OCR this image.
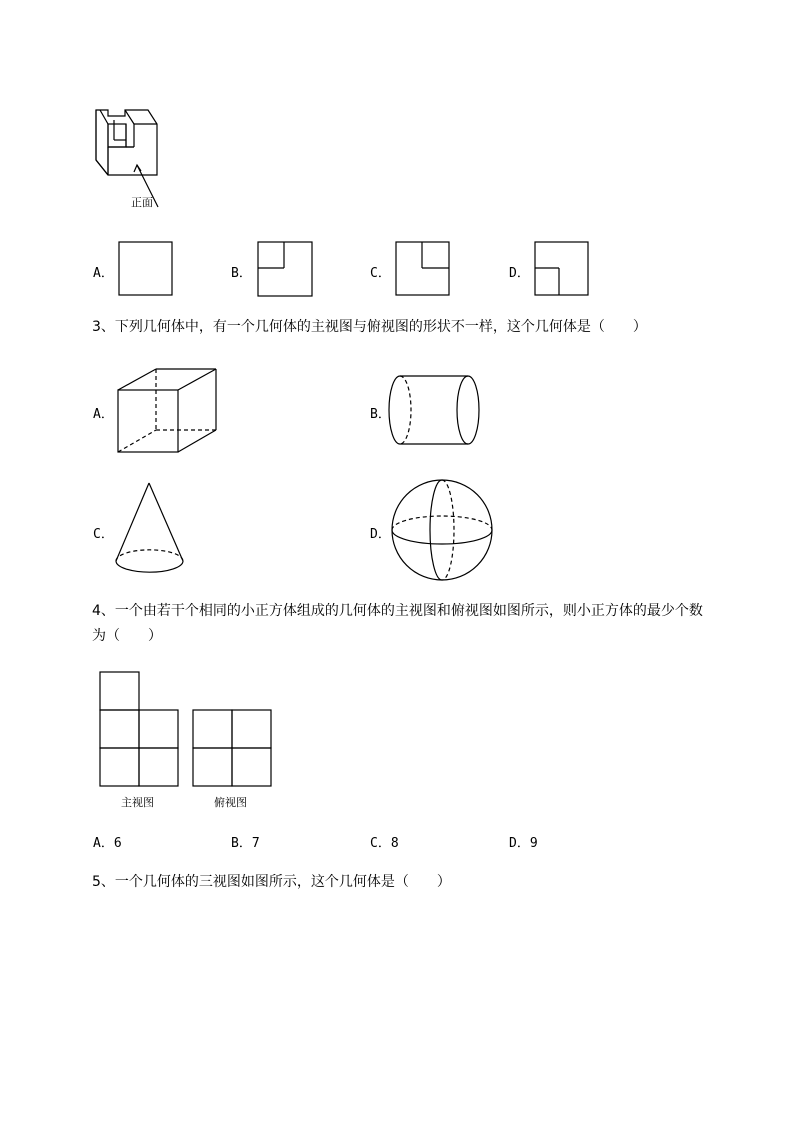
正面
A．	B．	C．	D．
3、下列几何体中，有一个几何体的主视图与俯视图的形状不一样，这个几何体是（　　）
A．	B．
C．	D．
4、一个由若干个相同的小正方体组成的几何体的主视图和俯视图如图所示，则小正方体的最少个数
为（　　）
主视图	俯视图
A．6	B．7	C．8	D．9
5、一个几何体的三视图如图所示，这个几何体是（　　）
